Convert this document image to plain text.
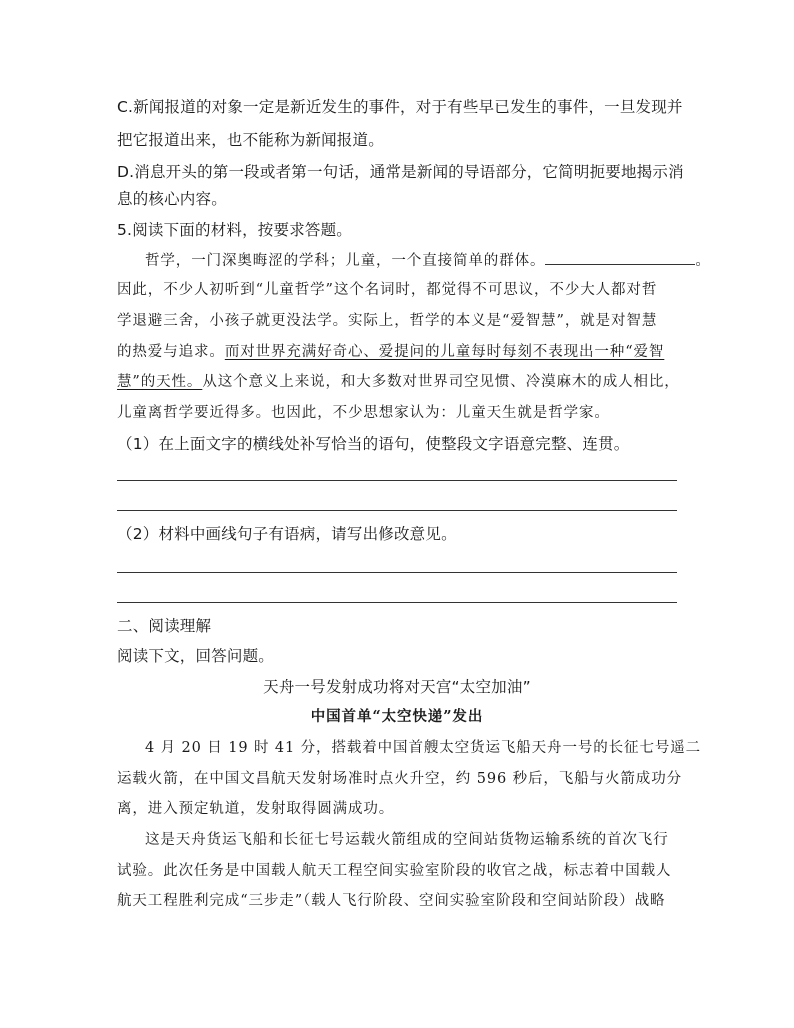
C.新闻报道的对象一定是新近发生的事件，对于有些早已发生的事件，一旦发现并
把它报道出来，也不能称为新闻报道。
D.消息开头的第一段或者第一句话，通常是新闻的导语部分，它简明扼要地揭示消
息的核心内容。
5.阅读下面的材料，按要求答题。
哲学，一门深奥晦涩的学科；儿童，一个直接简单的群体。	。
因此，不少人初听到“儿童哲学”这个名词时，都觉得不可思议，不少大人都对哲
学退避三舍，小孩子就更没法学。实际上，哲学的本义是“爱智慧”，就是对智慧
的热爱与追求。而对世界充满好奇心、爱提问的儿童每时每刻不表现出一种“爱智
慧”的天性。从这个意义上来说，和大多数对世界司空见惯、冷漠麻木的成人相比，
儿童离哲学要近得多。也因此，不少思想家认为：儿童天生就是哲学家。
（1）在上面文字的横线处补写恰当的语句，使整段文字语意完整、连贯。
（2）材料中画线句子有语病，请写出修改意见。
二、阅读理解
阅读下文，回答问题。
天舟一号发射成功将对天宫“太空加油”
中国首单“太空快递”发出
4 月 20 日 19 时 41 分，搭载着中国首艘太空货运飞船天舟一号的长征七号遥二
运载火箭，在中国文昌航天发射场准时点火升空，约 596 秒后，飞船与火箭成功分
离，进入预定轨道，发射取得圆满成功。
这是天舟货运飞船和长征七号运载火箭组成的空间站货物运输系统的首次飞行
试验。此次任务是中国载人航天工程空间实验室阶段的收官之战，标志着中国载人
航天工程胜利完成“三步走”（载人飞行阶段、空间实验室阶段和空间站阶段）战略
